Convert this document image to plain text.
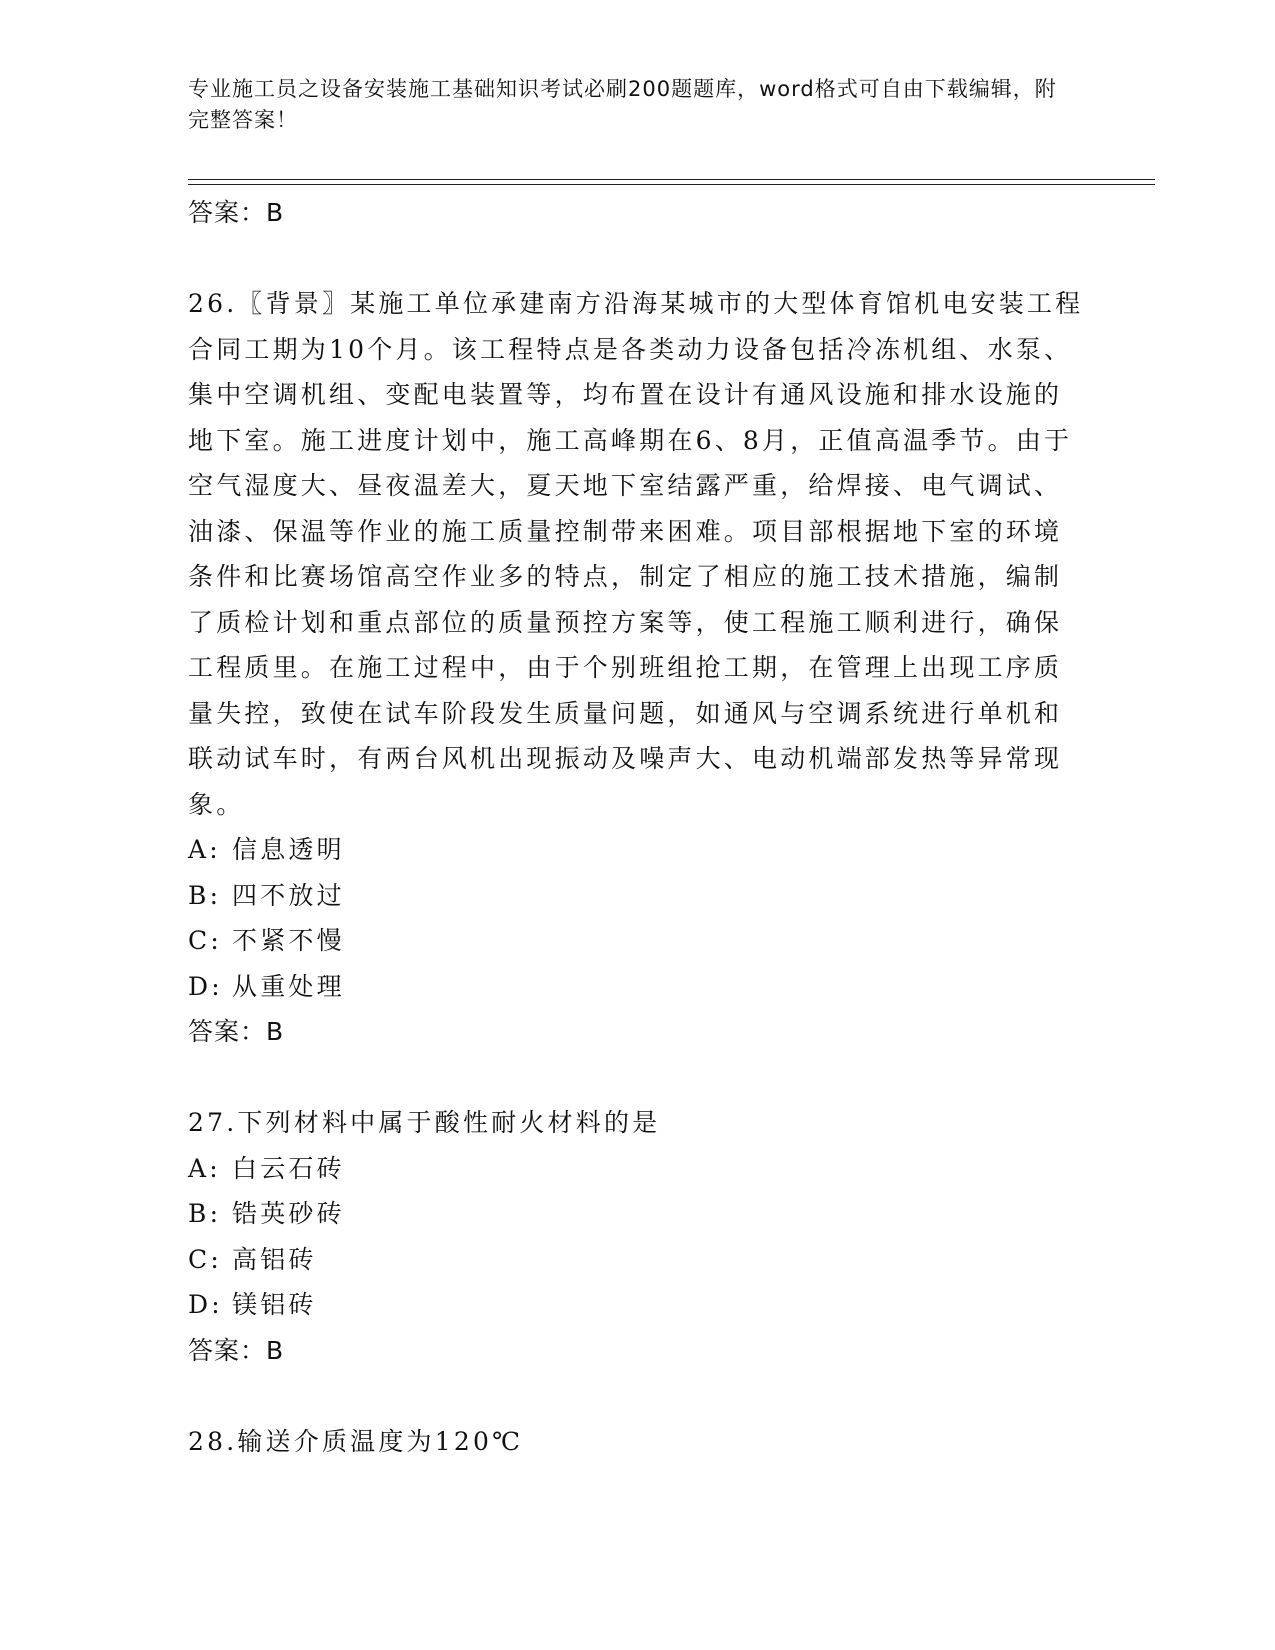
专业施工员之设备安装施工基础知识考试必刷200题题库，word格式可自由下载编辑，附完整答案！
答案：B

26.〖背景〗某施工单位承建南方沿海某城市的大型体育馆机电安装工程合同工期为10个月。该工程特点是各类动力设备包括冷冻机组、水泵、集中空调机组、变配电装置等，均布置在设计有通风设施和排水设施的地下室。施工进度计划中，施工高峰期在6、8月，正值高温季节。由于空气湿度大、昼夜温差大，夏天地下室结露严重，给焊接、电气调试、油漆、保温等作业的施工质量控制带来困难。项目部根据地下室的环境条件和比赛场馆高空作业多的特点，制定了相应的施工技术措施，编制了质检计划和重点部位的质量预控方案等，使工程施工顺利进行，确保工程质里。在施工过程中，由于个别班组抢工期，在管理上出现工序质量失控，致使在试车阶段发生质量问题，如通风与空调系统进行单机和联动试车时，有两台风机出现振动及噪声大、电动机端部发热等异常现象。

A: 信息透明
B: 四不放过
C: 不紧不慢
D: 从重处理
答案：B

27.下列材料中属于酸性耐火材料的是

A: 白云石砖
B: 锆英砂砖
C: 高铝砖
D: 镁铝砖
答案：B

28.输送介质温度为120℃
